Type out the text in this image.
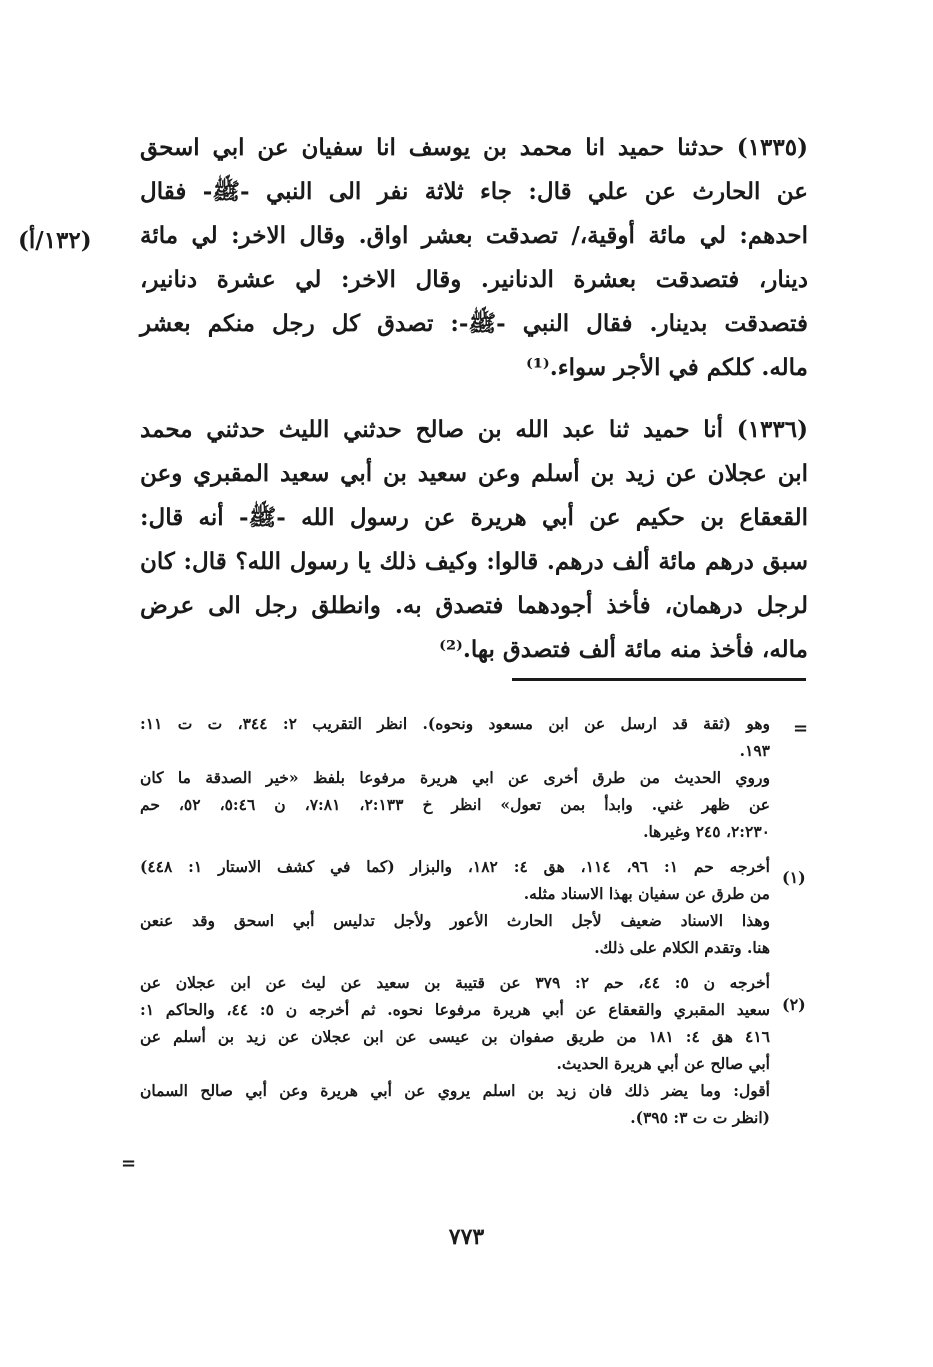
(١٣٣٥) حدثنا حميد انا محمد بن يوسف انا سفيان عن ابي اسحق
عن الحارث عن علي قال: جاء ثلاثة نفر الى النبي -ﷺ- فقال
احدهم: لي مائة أوقية،/ تصدقت بعشر اواق. وقال الاخر: لي مائة
دينار، فتصدقت بعشرة الدنانير. وقال الاخر: لي عشرة دنانير،
فتصدقت بدينار. فقال النبي -ﷺ-: تصدق كل رجل منكم بعشر
ماله. كلكم في الأجر سواء.⁽¹⁾
(١٣٣٦) أنا حميد ثنا عبد الله بن صالح حدثني الليث حدثني محمد
ابن عجلان عن زيد بن أسلم وعن سعيد بن أبي سعيد المقبري وعن
القعقاع بن حكيم عن أبي هريرة عن رسول الله -ﷺ- أنه قال:
سبق درهم مائة ألف درهم. قالوا: وكيف ذلك يا رسول الله؟ قال: كان
لرجل درهمان، فأخذ أجودهما فتصدق به. وانطلق رجل الى عرض
ماله، فأخذ منه مائة ألف فتصدق بها.⁽²⁾
(١٣٢/أ)
=
(١)
(٢)
=
وهو (ثقة قد ارسل عن ابن مسعود ونحوه). انظر التقريب ٢: ٣٤٤، ت ت ١١:
١٩٣.
وروي الحديث من طرق أخرى عن ابي هريرة مرفوعا بلفظ «خير الصدقة ما كان
عن ظهر غني. وابدأ بمن تعول» انظر خ ٢:١٣٣، ٧:٨١، ن ٥:٤٦، ٥٢، حم
٢:٢٣٠، ٢٤٥ وغيرها.
أخرجه حم ١: ٩٦، ١١٤، هق ٤: ١٨٢، والبزار (كما في كشف الاستار ١: ٤٤٨)
من طرق عن سفيان بهذا الاسناد مثله.
وهذا الاسناد ضعيف لأجل الحارث الأعور ولأجل تدليس أبي اسحق وقد عنعن
هنا. وتقدم الكلام على ذلك.
أخرجه ن ٥: ٤٤، حم ٢: ٣٧٩ عن قتيبة بن سعيد عن ليث عن ابن عجلان عن
سعيد المقبري والقعقاع عن أبي هريرة مرفوعا نحوه. ثم أخرجه ن ٥: ٤٤، والحاكم ١:
٤١٦ هق ٤: ١٨١ من طريق صفوان بن عيسى عن ابن عجلان عن زيد بن أسلم عن
أبي صالح عن أبي هريرة الحديث.
أقول: وما يضر ذلك فان زيد بن اسلم يروي عن أبي هريرة وعن أبي صالح السمان
(انظر ت ت ٣: ٣٩٥).
٧٧٣
